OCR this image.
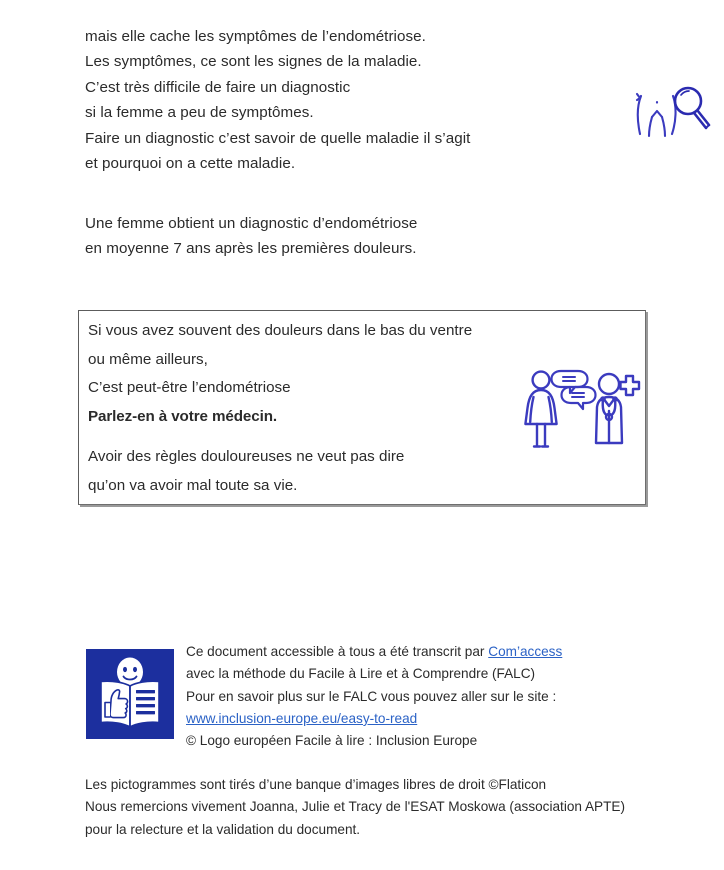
mais elle cache les symptômes de l’endométriose.
Les symptômes, ce sont les signes de la maladie.
C’est très difficile de faire un diagnostic
si la femme a peu de symptômes.
Faire un diagnostic c’est savoir de quelle maladie il s’agit
et pourquoi on a cette maladie.
Une femme obtient un diagnostic d’endométriose
en moyenne 7 ans après les premières douleurs.
Si vous avez souvent des douleurs dans le bas du ventre
ou même ailleurs,
C’est peut-être l’endométriose
Parlez-en à votre médecin.
Avoir des règles douloureuses ne veut pas dire
qu’on va avoir mal toute sa vie.
Ce document accessible à tous a été transcrit par Com’access
avec la méthode du Facile à Lire et à Comprendre (FALC)
Pour en savoir plus sur le FALC vous pouvez aller sur le site : www.inclusion-europe.eu/easy-to-read
© Logo européen Facile à lire : Inclusion Europe
Les pictogrammes sont tirés d’une banque d’images libres de droit ©Flaticon
Nous remercions vivement Joanna, Julie et Tracy de l'ESAT Moskowa (association APTE)
pour la relecture et la validation du document.
